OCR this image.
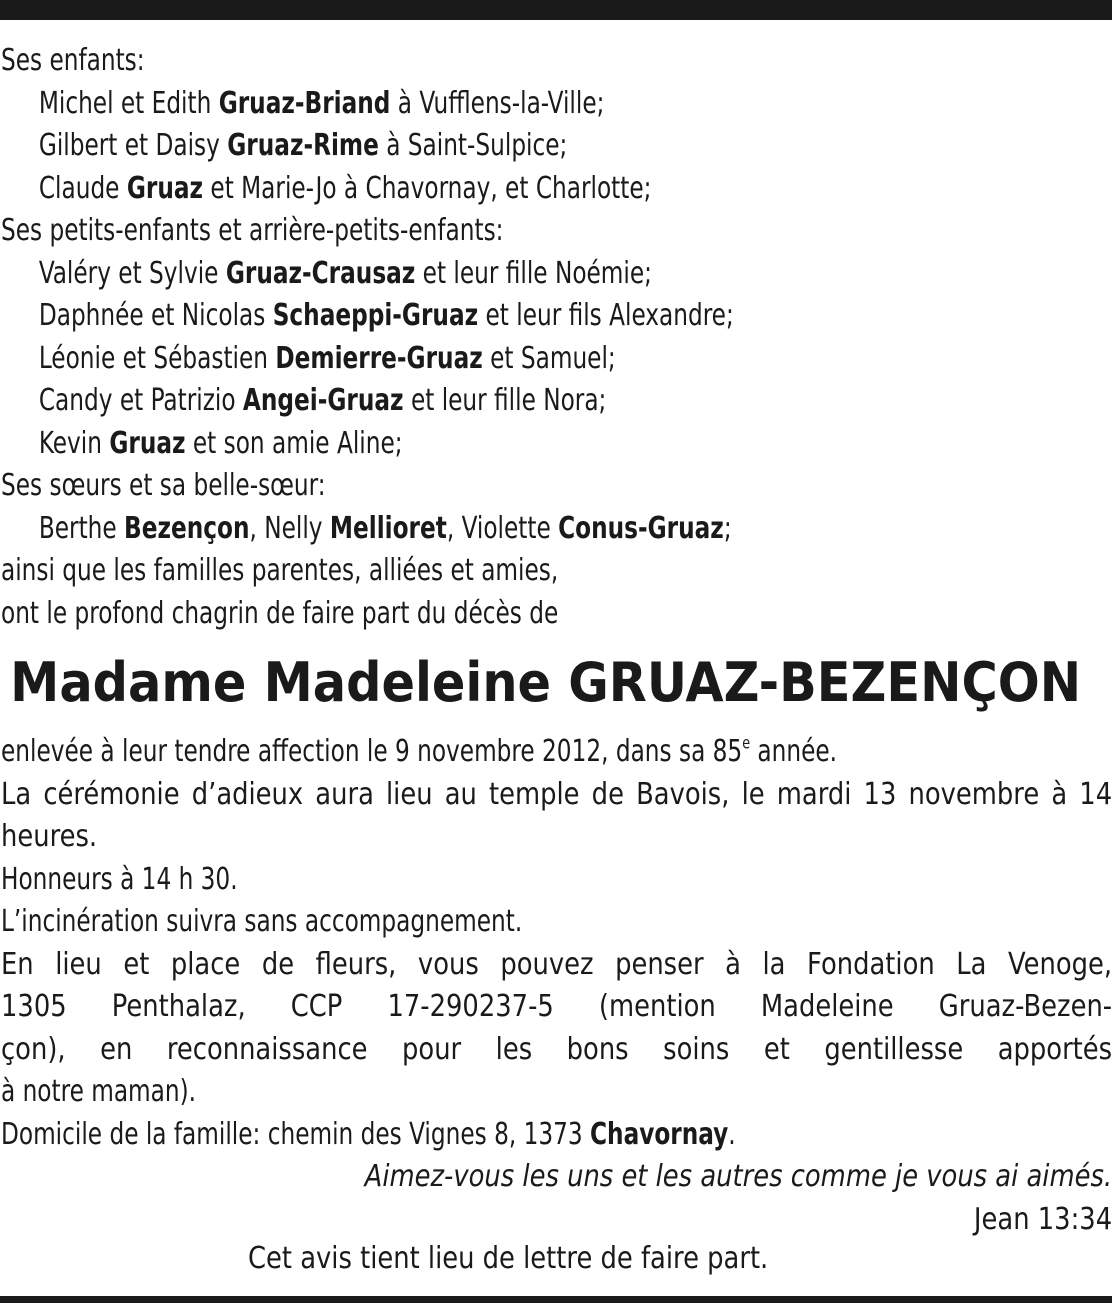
Ses enfants:
Michel et Edith Gruaz-Briand à Vufflens-la-Ville;
Gilbert et Daisy Gruaz-Rime à Saint-Sulpice;
Claude Gruaz et Marie-Jo à Chavornay, et Charlotte;
Ses petits-enfants et arrière-petits-enfants:
Valéry et Sylvie Gruaz-Crausaz et leur fille Noémie;
Daphnée et Nicolas Schaeppi-Gruaz et leur fils Alexandre;
Léonie et Sébastien Demierre-Gruaz et Samuel;
Candy et Patrizio Angei-Gruaz et leur fille Nora;
Kevin Gruaz et son amie Aline;
Ses sœurs et sa belle-sœur:
Berthe Bezençon, Nelly Mellioret, Violette Conus-Gruaz;
ainsi que les familles parentes, alliées et amies,
ont le profond chagrin de faire part du décès de
Madame Madeleine GRUAZ-BEZENÇON
enlevée à leur tendre affection le 9 novembre 2012, dans sa 85e année.
La cérémonie d’adieux aura lieu au temple de Bavois, le mardi 13 novembre à 14 heures.
Honneurs à 14 h 30.
L’incinération suivra sans accompagnement.
En lieu et place de fleurs, vous pouvez penser à la Fondation La Venoge,
1305 Penthalaz, CCP 17-290237-5 (mention Madeleine Gruaz-Bezen-
çon), en reconnaissance pour les bons soins et gentillesse apportés
à notre maman).
Domicile de la famille: chemin des Vignes 8, 1373 Chavornay.
Aimez-vous les uns et les autres comme je vous ai aimés.
Jean 13:34
Cet avis tient lieu de lettre de faire part.
